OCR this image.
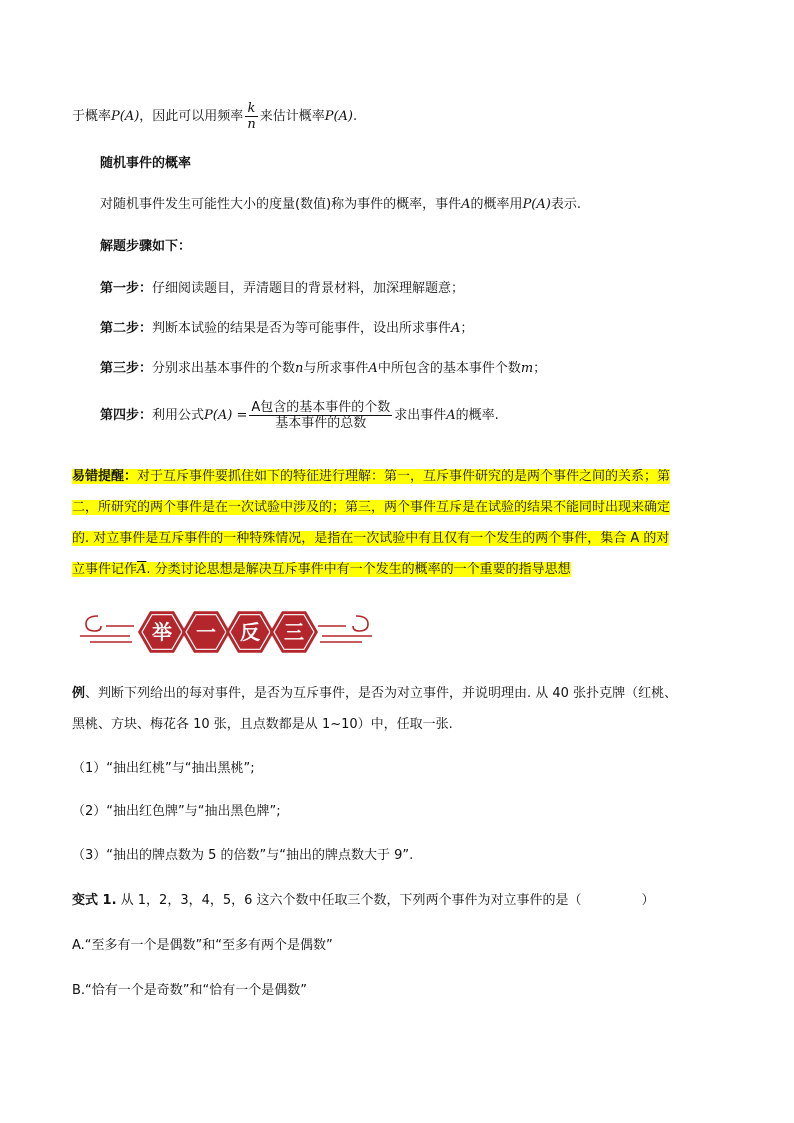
于概率P(A)，因此可以用频率 $\frac{k}{n}$ 来估计概率P(A).
随机事件的概率
对随机事件发生可能性大小的度量(数值)称为事件的概率，事件A的概率用P(A)表示.
解题步骤如下：
第一步：仔细阅读题目，弄清题目的背景材料，加深理解题意；
第二步：判断本试验的结果是否为等可能事件，设出所求事件A；
第三步：分别求出基本事件的个数n与所求事件A中所包含的基本事件个数m；
第四步：利用公式$P(A) = \frac{\text{A包含的基本事件的个数}}{\text{基本事件的总数}}$ 求出事件A的概率.
易错提醒：对于互斥事件要抓住如下的特征进行理解：第一，互斥事件研究的是两个事件之间的关系；第
二，所研究的两个事件是在一次试验中涉及的；第三，两个事件互斥是在试验的结果不能同时出现来确定
的. 对立事件是互斥事件的一种特殊情况，是指在一次试验中有且仅有一个发生的两个事件，集合 A 的对
立事件记作$\overline{A}$. 分类讨论思想是解决互斥事件中有一个发生的概率的一个重要的指导思想
举 一 反 三
例、判断下列给出的每对事件，是否为互斥事件，是否为对立事件，并说明理由. 从 40 张扑克牌（红桃、
黑桃、方块、梅花各 10 张，且点数都是从 1~10）中，任取一张.
（1）“抽出红桃”与“抽出黑桃”;
（2）“抽出红色牌”与“抽出黑色牌”;
（3）“抽出的牌点数为 5 的倍数”与“抽出的牌点数大于 9”.
变式 1. 从 1，2，3，4，5，6 这六个数中任取三个数，下列两个事件为对立事件的是（	）
A.“至多有一个是偶数”和“至多有两个是偶数”
B.“恰有一个是奇数”和“恰有一个是偶数”
